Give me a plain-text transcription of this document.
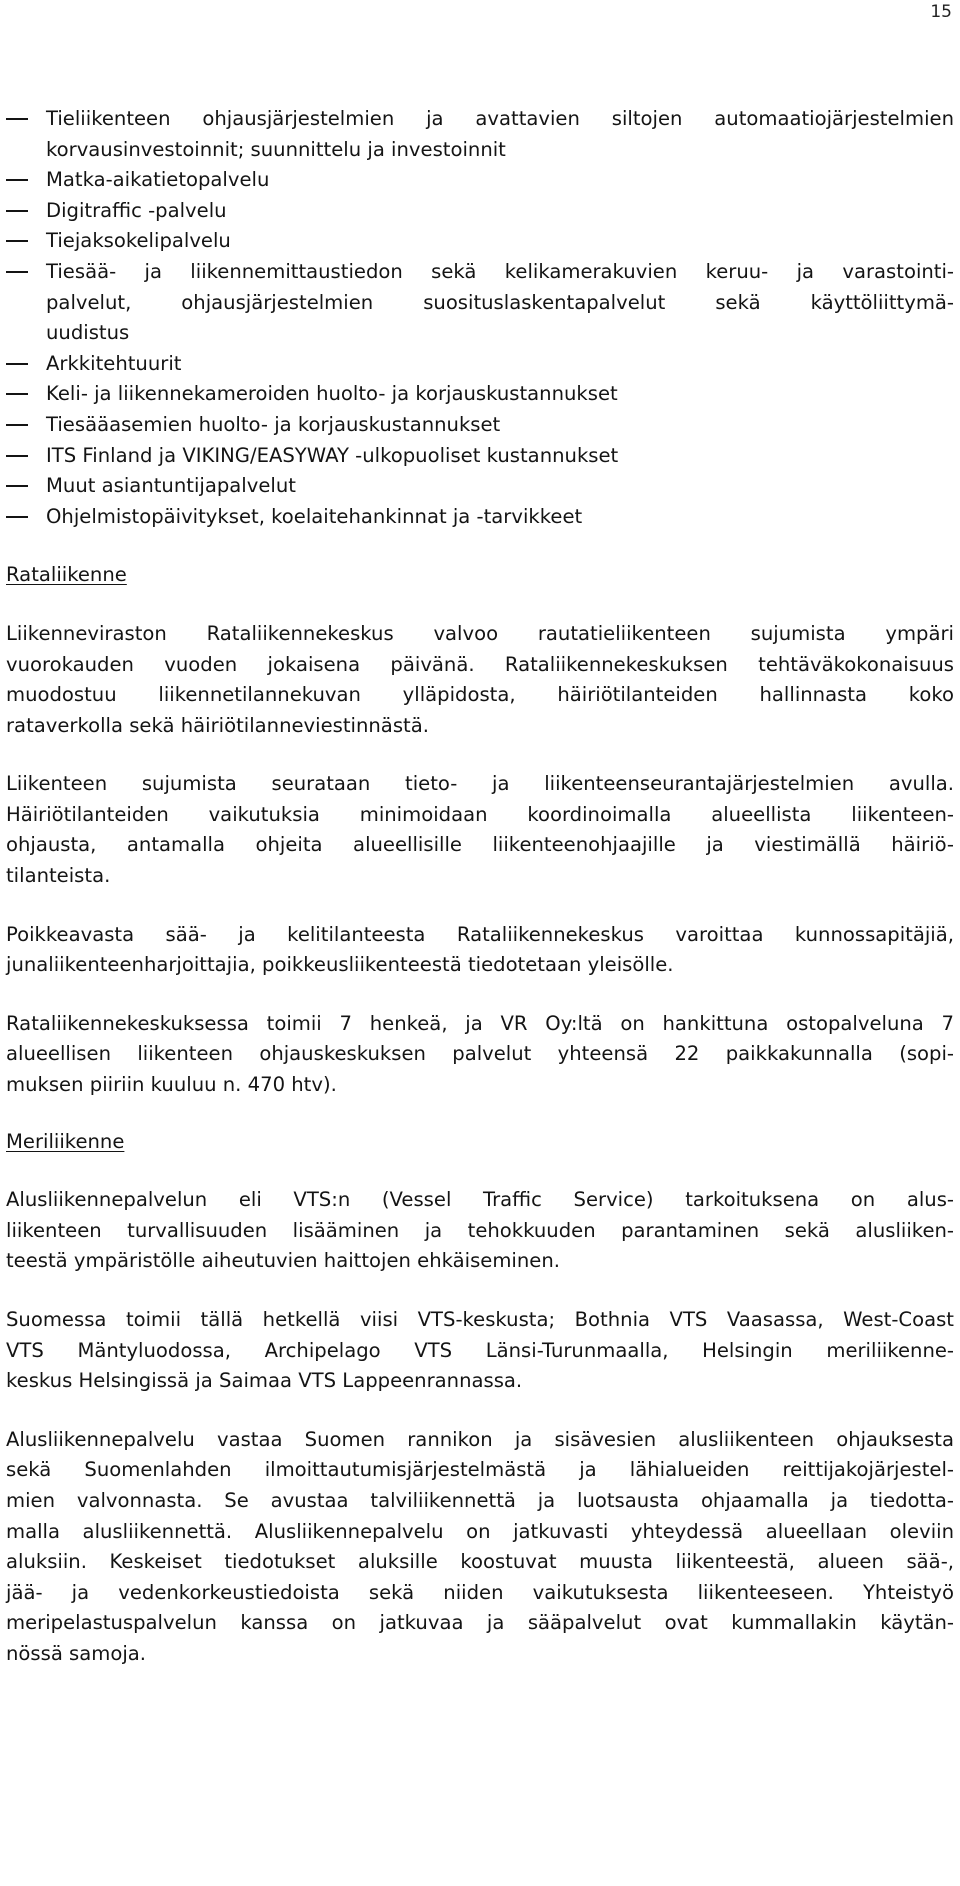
15
Tieliikenteen ohjausjärjestelmien ja avattavien siltojen automaatiojärjestelmien
korvausinvestoinnit; suunnittelu ja investoinnit
Matka-aikatietopalvelu
Digitraffic -palvelu
Tiejaksokelipalvelu
Tiesää- ja liikennemittaustiedon sekä kelikamerakuvien keruu- ja varastointi-
palvelut, ohjausjärjestelmien suosituslaskentapalvelut sekä käyttöliittymä-
uudistus
Arkkitehtuurit
Keli- ja liikennekameroiden huolto- ja korjauskustannukset
Tiesääasemien huolto- ja korjauskustannukset
ITS Finland ja VIKING/EASYWAY -ulkopuoliset kustannukset
Muut asiantuntijapalvelut
Ohjelmistopäivitykset, koelaitehankinnat ja -tarvikkeet
Rataliikenne
Liikenneviraston Rataliikennekeskus valvoo rautatieliikenteen sujumista ympäri
vuorokauden vuoden jokaisena päivänä. Rataliikennekeskuksen tehtäväkokonaisuus
muodostuu liikennetilannekuvan ylläpidosta, häiriötilanteiden hallinnasta koko
rataverkolla sekä häiriötilanneviestinnästä.
Liikenteen sujumista seurataan tieto- ja liikenteenseurantajärjestelmien avulla.
Häiriötilanteiden vaikutuksia minimoidaan koordinoimalla alueellista liikenteen-
ohjausta, antamalla ohjeita alueellisille liikenteenohjaajille ja viestimällä häiriö-
tilanteista.
Poikkeavasta sää- ja kelitilanteesta Rataliikennekeskus varoittaa kunnossapitäjiä,
junaliikenteenharjoittajia, poikkeusliikenteestä tiedotetaan yleisölle.
Rataliikennekeskuksessa toimii 7 henkeä, ja VR Oy:ltä on hankittuna ostopalveluna 7
alueellisen liikenteen ohjauskeskuksen palvelut yhteensä 22 paikkakunnalla (sopi-
muksen piiriin kuuluu n. 470 htv).
Meriliikenne
Alusliikennepalvelun eli VTS:n (Vessel Traffic Service) tarkoituksena on alus-
liikenteen turvallisuuden lisääminen ja tehokkuuden parantaminen sekä alusliiken-
teestä ympäristölle aiheutuvien haittojen ehkäiseminen.
Suomessa toimii tällä hetkellä viisi VTS-keskusta; Bothnia VTS Vaasassa, West-Coast
VTS Mäntyluodossa, Archipelago VTS Länsi-Turunmaalla, Helsingin meriliikenne-
keskus Helsingissä ja Saimaa VTS Lappeenrannassa.
Alusliikennepalvelu vastaa Suomen rannikon ja sisävesien alusliikenteen ohjauksesta
sekä Suomenlahden ilmoittautumisjärjestelmästä ja lähialueiden reittijakojärjestel-
mien valvonnasta. Se avustaa talviliikennettä ja luotsausta ohjaamalla ja tiedotta-
malla alusliikennettä. Alusliikennepalvelu on jatkuvasti yhteydessä alueellaan oleviin
aluksiin. Keskeiset tiedotukset aluksille koostuvat muusta liikenteestä, alueen sää-,
jää- ja vedenkorkeustiedoista sekä niiden vaikutuksesta liikenteeseen. Yhteistyö
meripelastuspalvelun kanssa on jatkuvaa ja sääpalvelut ovat kummallakin käytän-
nössä samoja.
